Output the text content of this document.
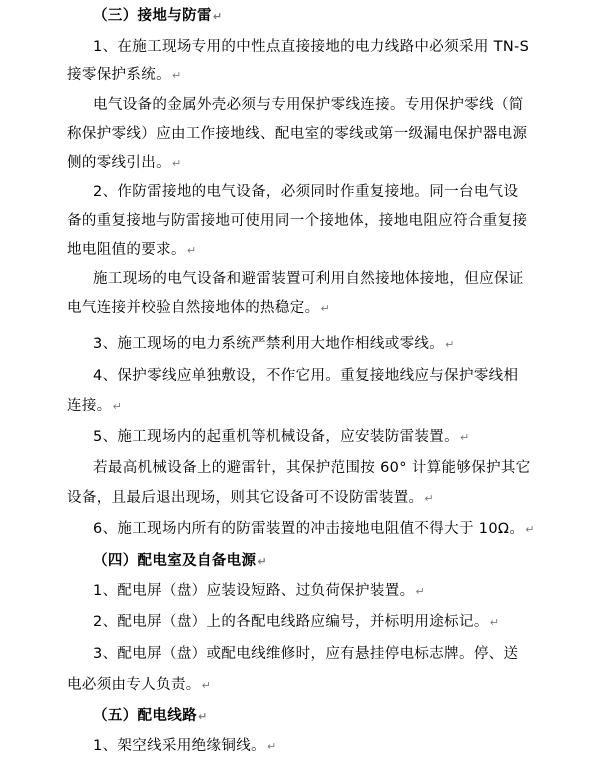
（三）接地与防雷↵
1、在施工现场专用的中性点直接接地的电力线路中必须采用 TN-S
接零保护系统。↵
电气设备的金属外壳必须与专用保护零线连接。专用保护零线（简
称保护零线）应由工作接地线、配电室的零线或第一级漏电保护器电源
侧的零线引出。↵
2、作防雷接地的电气设备，必须同时作重复接地。同一台电气设
备的重复接地与防雷接地可使用同一个接地体，接地电阻应符合重复接
地电阻值的要求。↵
施工现场的电气设备和避雷装置可利用自然接地体接地，但应保证
电气连接并校验自然接地体的热稳定。↵
3、施工现场的电力系统严禁利用大地作相线或零线。↵
4、保护零线应单独敷设，不作它用。重复接地线应与保护零线相
连接。↵
5、施工现场内的起重机等机械设备，应安装防雷装置。↵
若最高机械设备上的避雷针，其保护范围按 60° 计算能够保护其它
设备，且最后退出现场，则其它设备可不设防雷装置。↵
6、施工现场内所有的防雷装置的冲击接地电阻值不得大于 10Ω。↵
（四）配电室及自备电源↵
1、配电屏（盘）应装设短路、过负荷保护装置。↵
2、配电屏（盘）上的各配电线路应编号，并标明用途标记。↵
3、配电屏（盘）或配电线维修时，应有悬挂停电标志牌。停、送
电必须由专人负责。↵
（五）配电线路↵
1、架空线采用绝缘铜线。↵
